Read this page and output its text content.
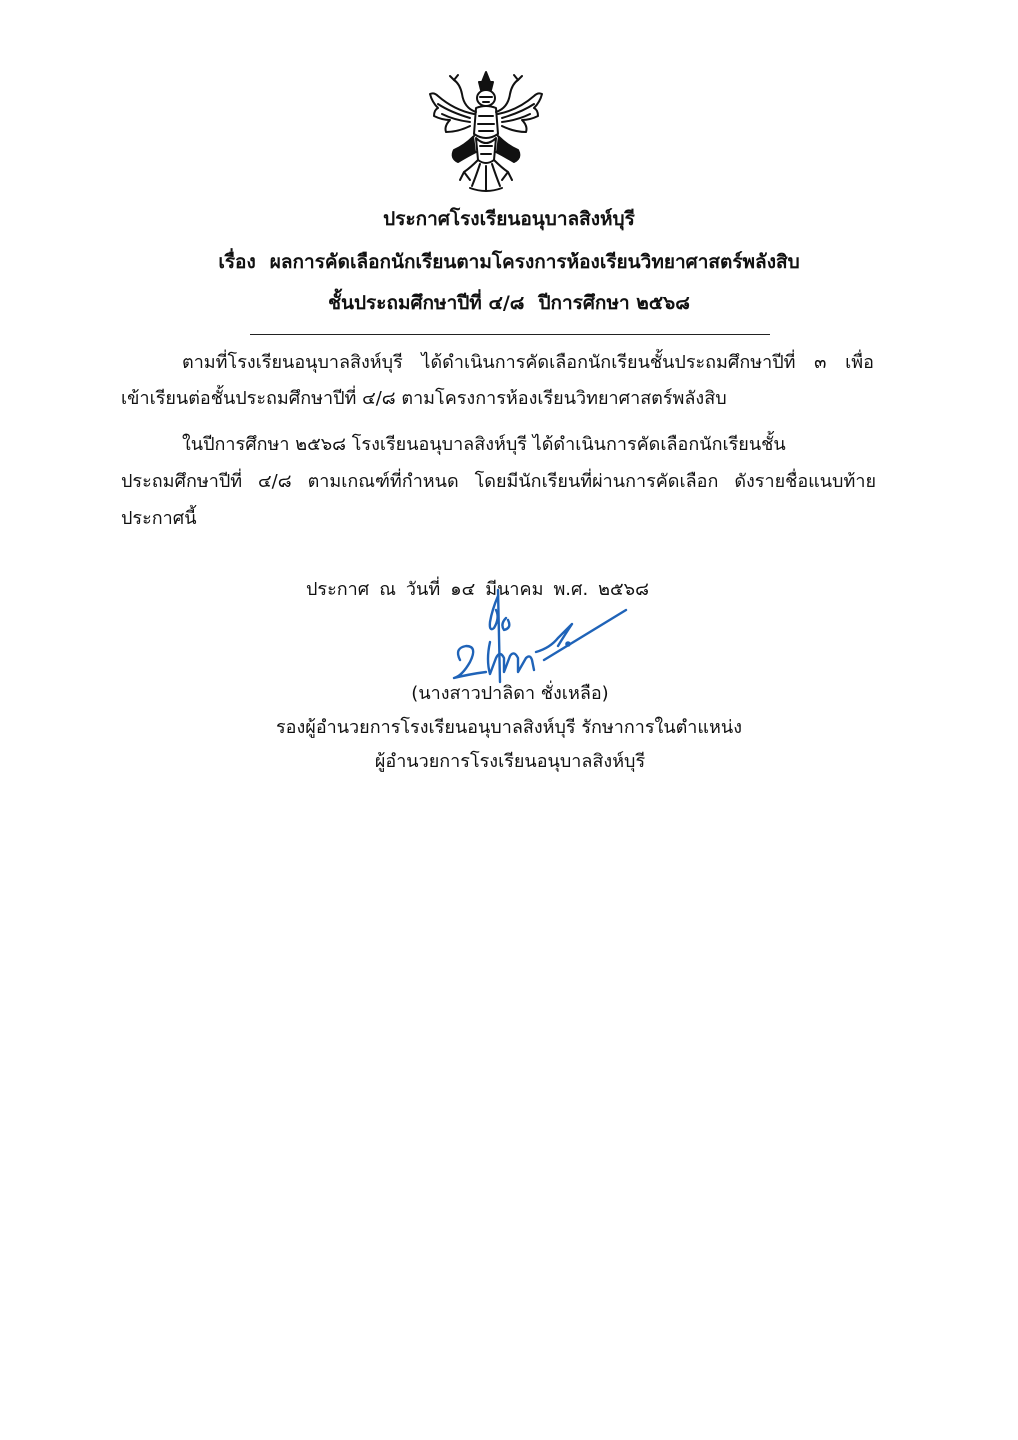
ประกาศโรงเรียนอนุบาลสิงห์บุรี
เรื่อง ผลการคัดเลือกนักเรียนตามโครงการห้องเรียนวิทยาศาสตร์พลังสิบ
ชั้นประถมศึกษาปีที่ ๔/๘ ปีการศึกษา ๒๕๖๘
ตามที่โรงเรียนอนุบาลสิงห์บุรี ได้ดำเนินการคัดเลือกนักเรียนชั้นประถมศึกษาปีที่ ๓ เพื่อ
เข้าเรียนต่อชั้นประถมศึกษาปีที่ ๔/๘ ตามโครงการห้องเรียนวิทยาศาสตร์พลังสิบ
ในปีการศึกษา ๒๕๖๘ โรงเรียนอนุบาลสิงห์บุรี ได้ดำเนินการคัดเลือกนักเรียนชั้น
ประถมศึกษาปีที่ ๔/๘ ตามเกณฑ์ที่กำหนด โดยมีนักเรียนที่ผ่านการคัดเลือก ดังรายชื่อแนบท้าย
ประกาศนี้
ประกาศ ณ วันที่ ๑๔ มีนาคม พ.ศ. ๒๕๖๘
(นางสาวปาลิดา ชั่งเหลือ)
รองผู้อำนวยการโรงเรียนอนุบาลสิงห์บุรี รักษาการในตำแหน่ง
ผู้อำนวยการโรงเรียนอนุบาลสิงห์บุรี
